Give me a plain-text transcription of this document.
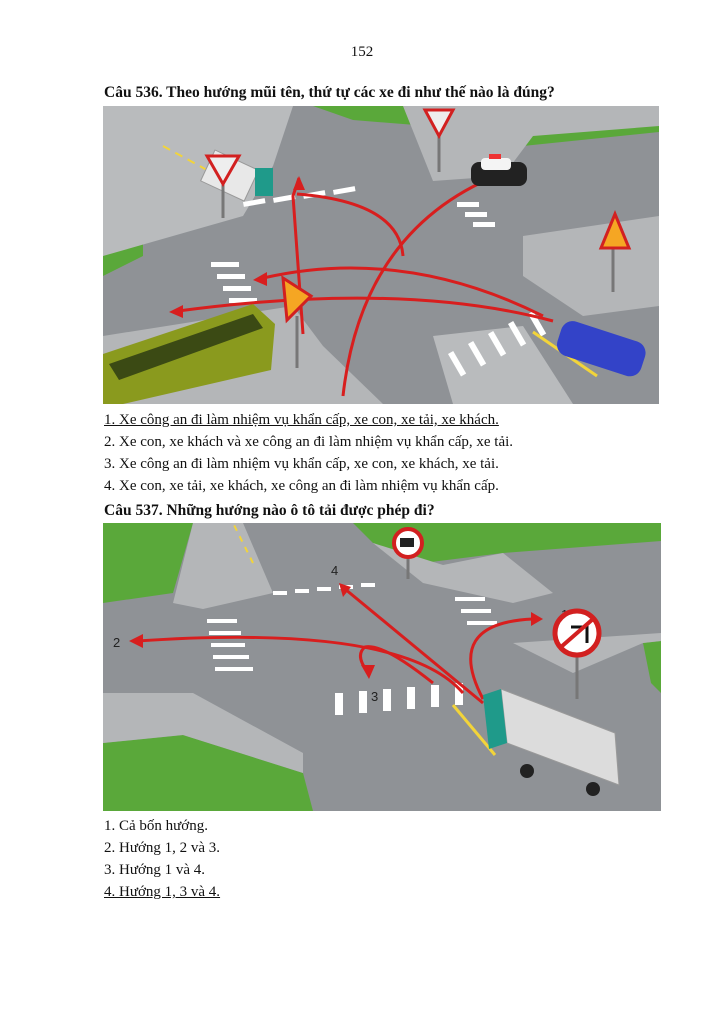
152
Câu 536. Theo hướng mũi tên, thứ tự các xe đi như thế nào là đúng?
1. Xe công an đi làm nhiệm vụ khẩn cấp, xe con, xe tải, xe khách.
2. Xe con, xe khách và xe công an đi làm nhiệm vụ khẩn cấp, xe tải.
3. Xe công an đi làm nhiệm vụ khẩn cấp, xe con, xe khách, xe tải.
4. Xe con, xe tải, xe khách, xe công an đi làm nhiệm vụ khẩn cấp.
Câu 537. Những hướng nào ô tô tải được phép đi?
2
3
4
1. Cả bốn hướng.
2. Hướng 1, 2 và 3.
3. Hướng 1 và 4.
4. Hướng 1, 3 và 4.
